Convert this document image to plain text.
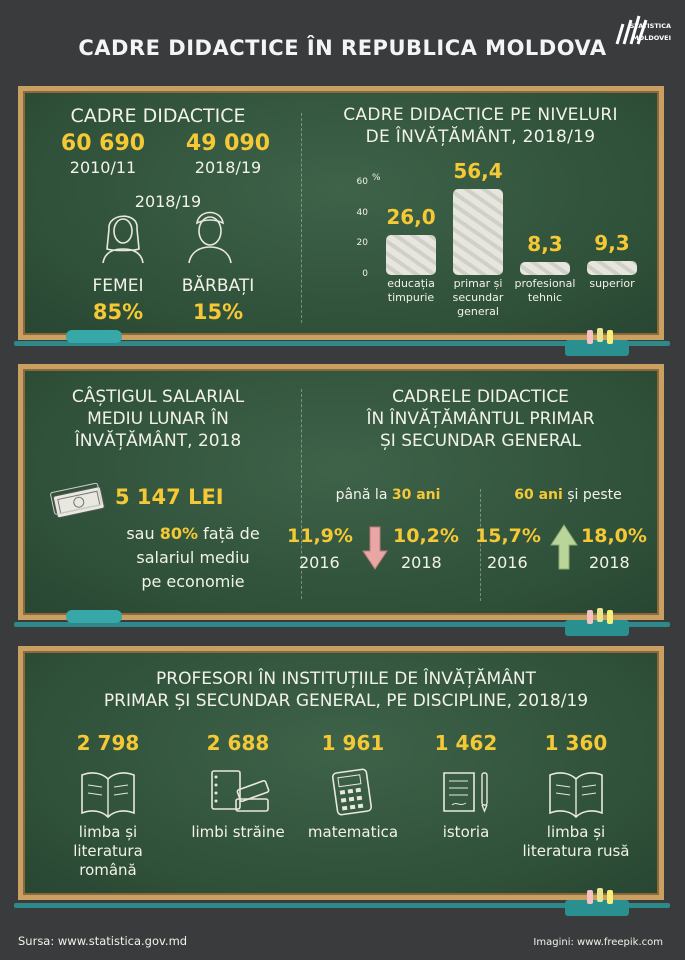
CADRE DIDACTICE ÎN REPUBLICA MOLDOVA
STATISTICA
MOLDOVEI
CADRE DIDACTICE
60 690
2010/11
49 090
2018/19
2018/19
FEMEI
85%
BĂRBAȚI
15%
CADRE DIDACTICE PE NIVELURI
DE ÎNVĂȚĂMÂNT, 2018/19
%
0
20
40
60
26,0
educația
timpurie
56,4
primar și
secundar
general
8,3
profesional
tehnic
9,3
superior
CÂȘTIGUL SALARIAL
MEDIU LUNAR ÎN
ÎNVĂȚĂMÂNT, 2018
5 147 LEI
sau 80% față de
salariul mediu
pe economie
CADRELE DIDACTICE
ÎN ÎNVĂȚĂMÂNTUL PRIMAR
ȘI SECUNDAR GENERAL
până la 30 ani
11,9%
2016
10,2%
2018
60 ani și peste
15,7%
2016
18,0%
2018
PROFESORI ÎN INSTITUȚIILE DE ÎNVĂȚĂMÂNT
PRIMAR ȘI SECUNDAR GENERAL, PE DISCIPLINE, 2018/19
2 798
limba și
literatura
română
2 688
limbi străine
1 961
matematica
1 462
istoria
1 360
limba și
literatura rusă
Sursa: www.statistica.gov.md	Imagini: www.freepik.com
